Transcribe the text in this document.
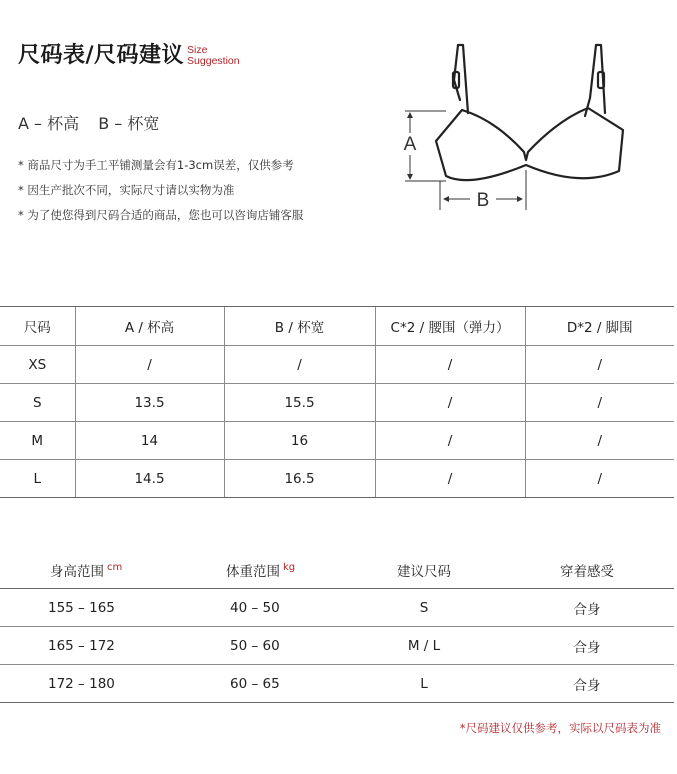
尺码表/尺码建议 Size
Suggestion
A – 杯高 B – 杯宽
* 商品尺寸为手工平铺测量会有1-3cm误差，仅供参考
* 因生产批次不同，实际尺寸请以实物为准
* 为了使您得到尺码合适的商品，您也可以咨询店铺客服
A
B
尺码	A / 杯高	B / 杯宽	C*2 / 腰围（弹力）	D*2 / 脚围
XS	/	/	/	/
S	13.5	15.5	/	/
M	14	16	/	/
L	14.5	16.5	/	/
身高范围 $^{cm}$	体重范围 $^{kg}$	建议尺码	穿着感受
155 – 165	40 – 50	S	合身
165 – 172	50 – 60	M / L	合身
172 – 180	60 – 65	L	合身
*尺码建议仅供参考，实际以尺码表为准
